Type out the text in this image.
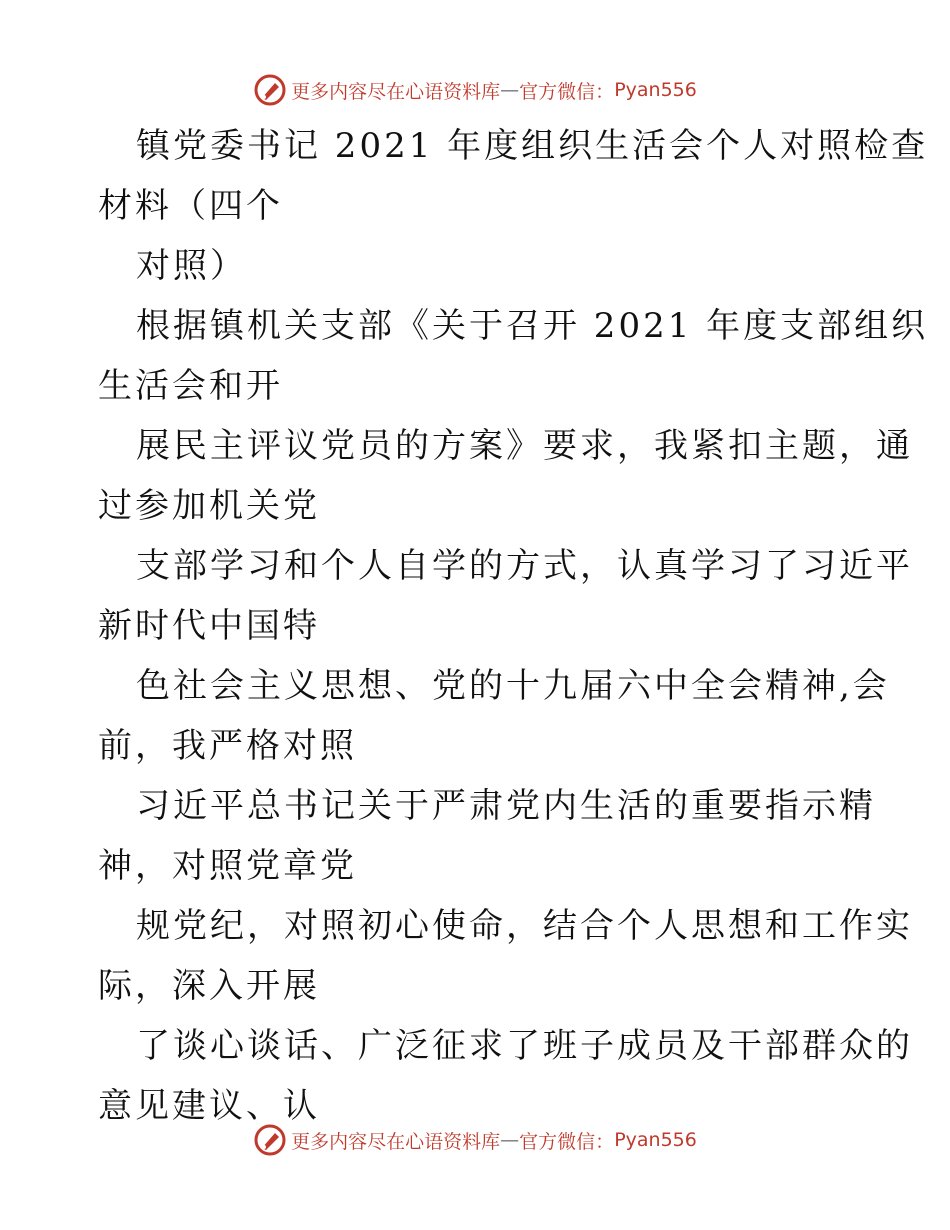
更多内容尽在心语资料库 — 官方微信： Pyan556
镇党委书记 2021 年度组织生活会个人对照检查
材料（四个
对照）
根据镇机关支部《关于召开 2021 年度支部组织
生活会和开
展民主评议党员的方案》要求，我紧扣主题，通
过参加机关党
支部学习和个人自学的方式，认真学习了习近平
新时代中国特
色社会主义思想、党的十九届六中全会精神,会
前，我严格对照
习近平总书记关于严肃党内生活的重要指示精
神，对照党章党
规党纪，对照初心使命，结合个人思想和工作实
际，深入开展
了谈心谈话、广泛征求了班子成员及干部群众的
意见建议、认
更多内容尽在心语资料库 — 官方微信： Pyan556
